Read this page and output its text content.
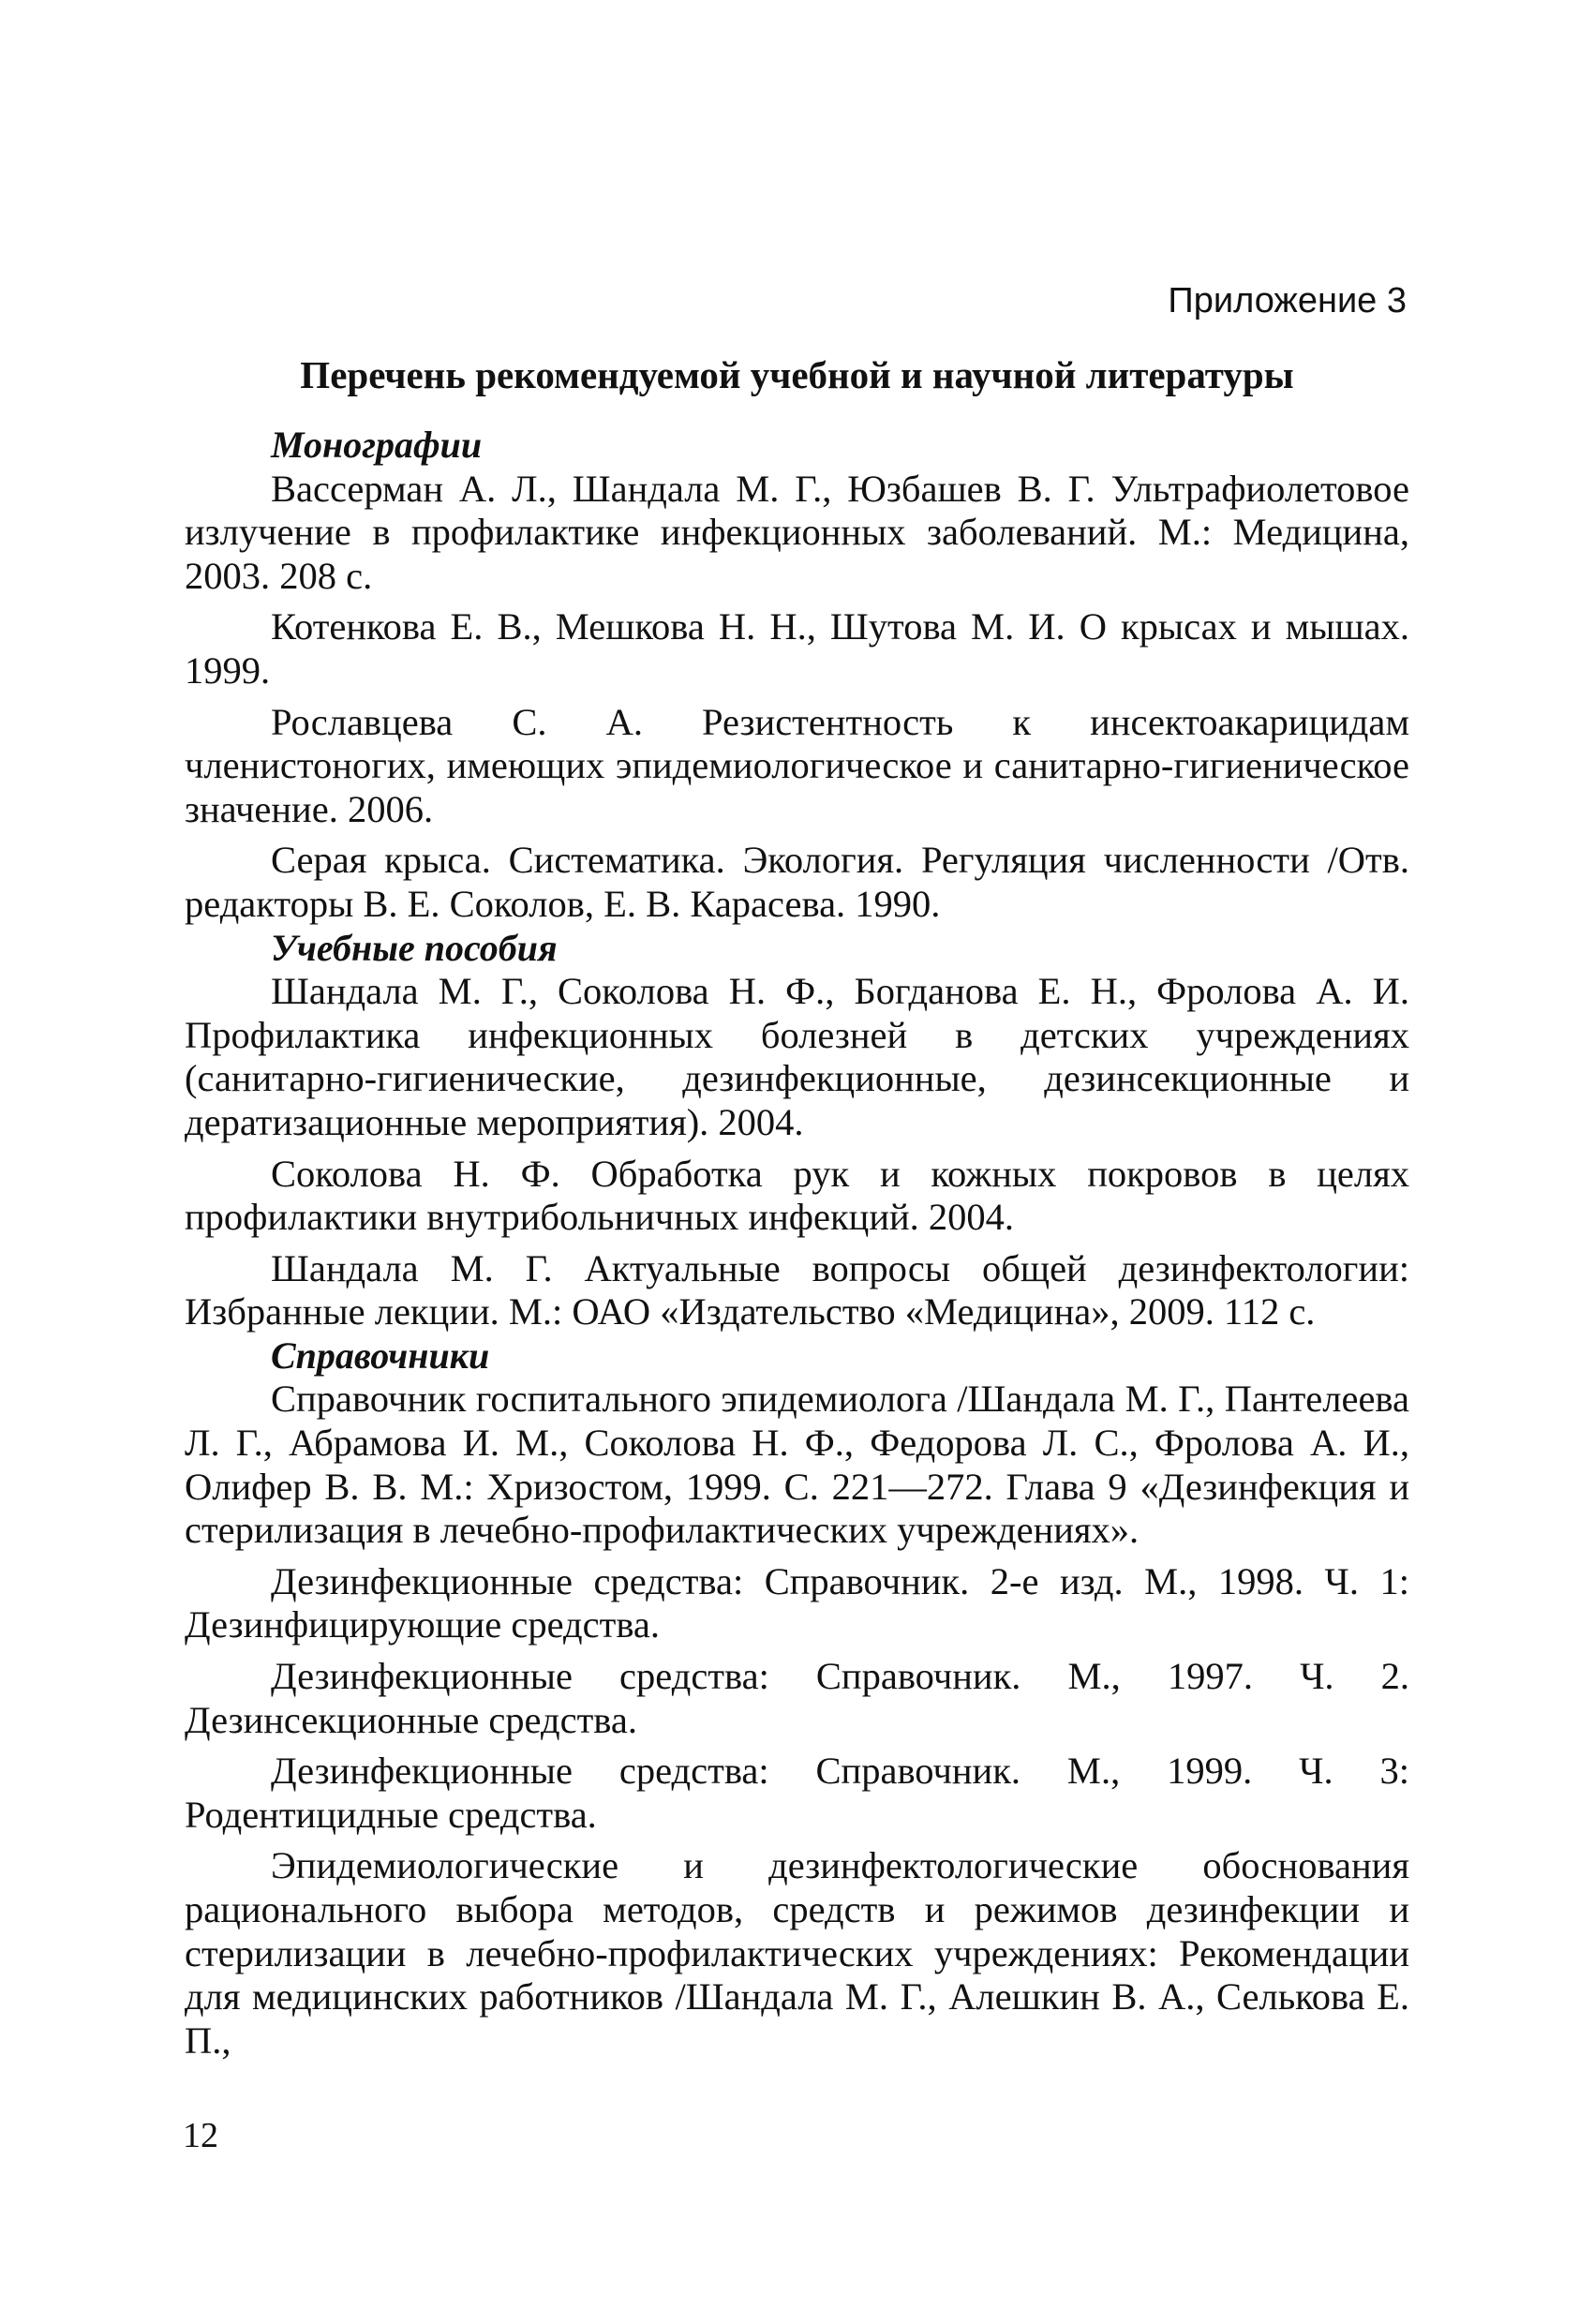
Приложение 3

Перечень рекомендуемой учебной и научной литературы

Монографии

Вассерман А. Л., Шандала М. Г., Юзбашев В. Г. Ультрафиолетовое излучение в профилактике инфекционных заболеваний. М.: Медицина, 2003. 208 с.

Котенкова Е. В., Мешкова Н. Н., Шутова М. И. О крысах и мышах. 1999.

Рославцева С. А. Резистентность к инсектоакарицидам членистоногих, имеющих эпидемиологическое и санитарно-гигиеническое значение. 2006.

Серая крыса. Систематика. Экология. Регуляция численности /Отв. редакторы В. Е. Соколов, Е. В. Карасева. 1990.

Учебные пособия

Шандала М. Г., Соколова Н. Ф., Богданова Е. Н., Фролова А. И. Профилактика инфекционных болезней в детских учреждениях (санитарно-гигиенические, дезинфекционные, дезинсекционные и дератизационные мероприятия). 2004.

Соколова Н. Ф. Обработка рук и кожных покровов в целях профилактики внутрибольничных инфекций. 2004.

Шандала М. Г. Актуальные вопросы общей дезинфектологии: Избранные лекции. М.: ОАО «Издательство «Медицина», 2009. 112 с.

Справочники

Справочник госпитального эпидемиолога /Шандала М. Г., Пантелеева Л. Г., Абрамова И. М., Соколова Н. Ф., Федорова Л. С., Фролова А. И., Олифер В. В. М.: Хризостом, 1999. С. 221—272. Глава 9 «Дезинфекция и стерилизация в лечебно-профилактических учреждениях».

Дезинфекционные средства: Справочник. 2-е изд. М., 1998. Ч. 1: Дезинфицирующие средства.

Дезинфекционные средства: Справочник. М., 1997. Ч. 2. Дезинсекционные средства.

Дезинфекционные средства: Справочник. М., 1999. Ч. 3: Родентицидные средства.

Эпидемиологические и дезинфектологические обоснования рационального выбора методов, средств и режимов дезинфекции и стерилизации в лечебно-профилактических учреждениях: Рекомендации для медицинских работников /Шандала М. Г., Алешкин В. А., Селькова Е. П.,

12
